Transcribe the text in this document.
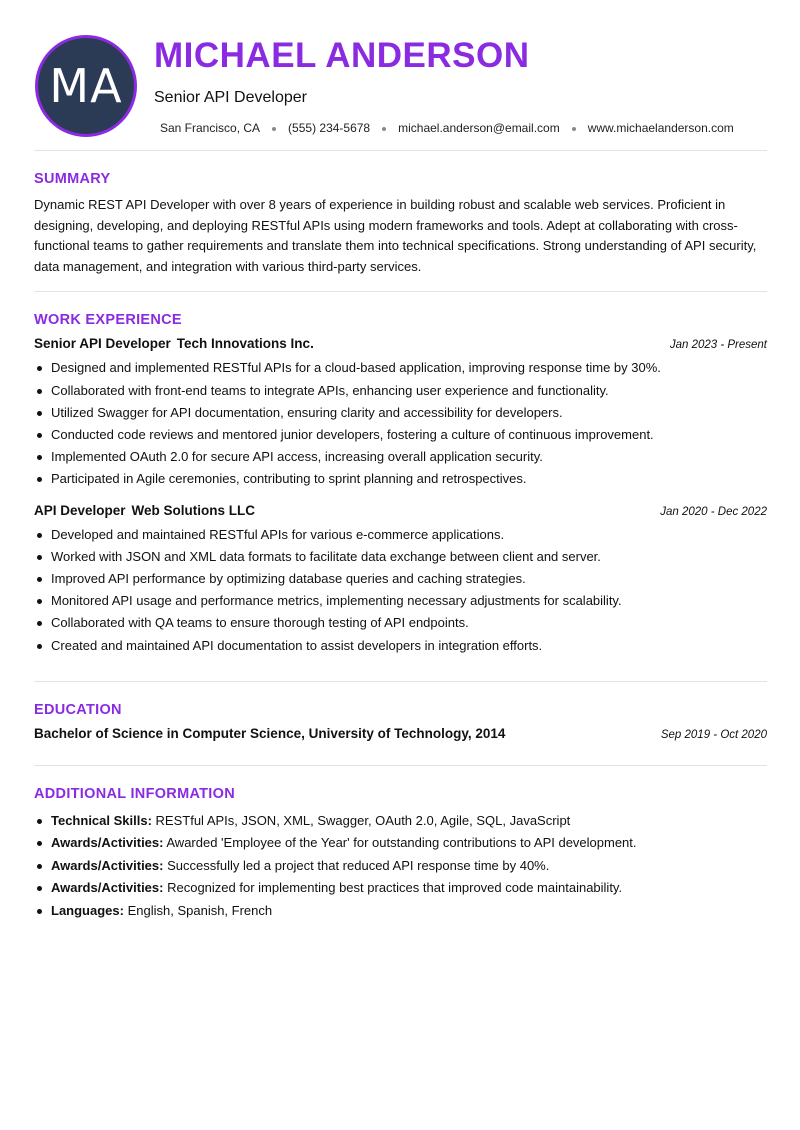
MA
MICHAEL ANDERSON
Senior API Developer
San Francisco, CA (555) 234-5678 michael.anderson@email.com www.michaelanderson.com
SUMMARY

Dynamic REST API Developer with over 8 years of experience in building robust and scalable web services. Proficient in designing, developing, and deploying RESTful APIs using modern frameworks and tools. Adept at collaborating with cross-functional teams to gather requirements and translate them into technical specifications. Strong understanding of API security, data management, and integration with various third-party services.

WORK EXPERIENCE
Senior API Developer Tech Innovations Inc.	Jan 2023 - Present
Designed and implemented RESTful APIs for a cloud-based application, improving response time by 30%.
Collaborated with front-end teams to integrate APIs, enhancing user experience and functionality.
Utilized Swagger for API documentation, ensuring clarity and accessibility for developers.
Conducted code reviews and mentored junior developers, fostering a culture of continuous improvement.
Implemented OAuth 2.0 for secure API access, increasing overall application security.
Participated in Agile ceremonies, contributing to sprint planning and retrospectives.
API Developer Web Solutions LLC	Jan 2020 - Dec 2022
Developed and maintained RESTful APIs for various e-commerce applications.
Worked with JSON and XML data formats to facilitate data exchange between client and server.
Improved API performance by optimizing database queries and caching strategies.
Monitored API usage and performance metrics, implementing necessary adjustments for scalability.
Collaborated with QA teams to ensure thorough testing of API endpoints.
Created and maintained API documentation to assist developers in integration efforts.
EDUCATION
Bachelor of Science in Computer Science, University of Technology, 2014	Sep 2019 - Oct 2020
ADDITIONAL INFORMATION
Technical Skills: RESTful APIs, JSON, XML, Swagger, OAuth 2.0, Agile, SQL, JavaScript
Awards/Activities: Awarded 'Employee of the Year' for outstanding contributions to API development.
Awards/Activities: Successfully led a project that reduced API response time by 40%.
Awards/Activities: Recognized for implementing best practices that improved code maintainability.
Languages: English, Spanish, French
